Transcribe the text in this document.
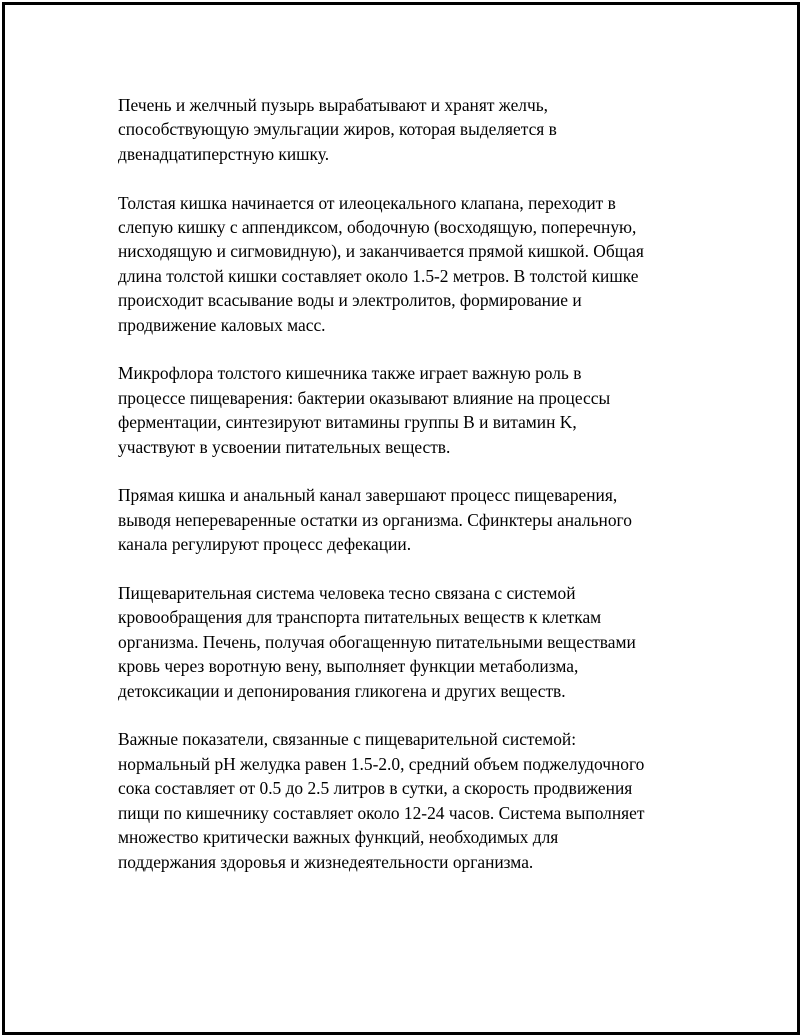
Печень и желчный пузырь вырабатывают и хранят желчь,
способствующую эмульгации жиров, которая выделяется в
двенадцатиперстную кишку.

Толстая кишка начинается от илеоцекального клапана, переходит в
слепую кишку с аппендиксом, ободочную (восходящую, поперечную,
нисходящую и сигмовидную), и заканчивается прямой кишкой. Общая
длина толстой кишки составляет около 1.5-2 метров. В толстой кишке
происходит всасывание воды и электролитов, формирование и
продвижение каловых масс.

Микрофлора толстого кишечника также играет важную роль в
процессе пищеварения: бактерии оказывают влияние на процессы
ферментации, синтезируют витамины группы B и витамин K,
участвуют в усвоении питательных веществ.

Прямая кишка и анальный канал завершают процесс пищеварения,
выводя непереваренные остатки из организма. Сфинктеры анального
канала регулируют процесс дефекации.

Пищеварительная система человека тесно связана с системой
кровообращения для транспорта питательных веществ к клеткам
организма. Печень, получая обогащенную питательными веществами
кровь через воротную вену, выполняет функции метаболизма,
детоксикации и депонирования гликогена и других веществ.

Важные показатели, связанные с пищеварительной системой:
нормальный pH желудка равен 1.5-2.0, средний объем поджелудочного
сока составляет от 0.5 до 2.5 литров в сутки, а скорость продвижения
пищи по кишечнику составляет около 12-24 часов. Система выполняет
множество критически важных функций, необходимых для
поддержания здоровья и жизнедеятельности организма.
